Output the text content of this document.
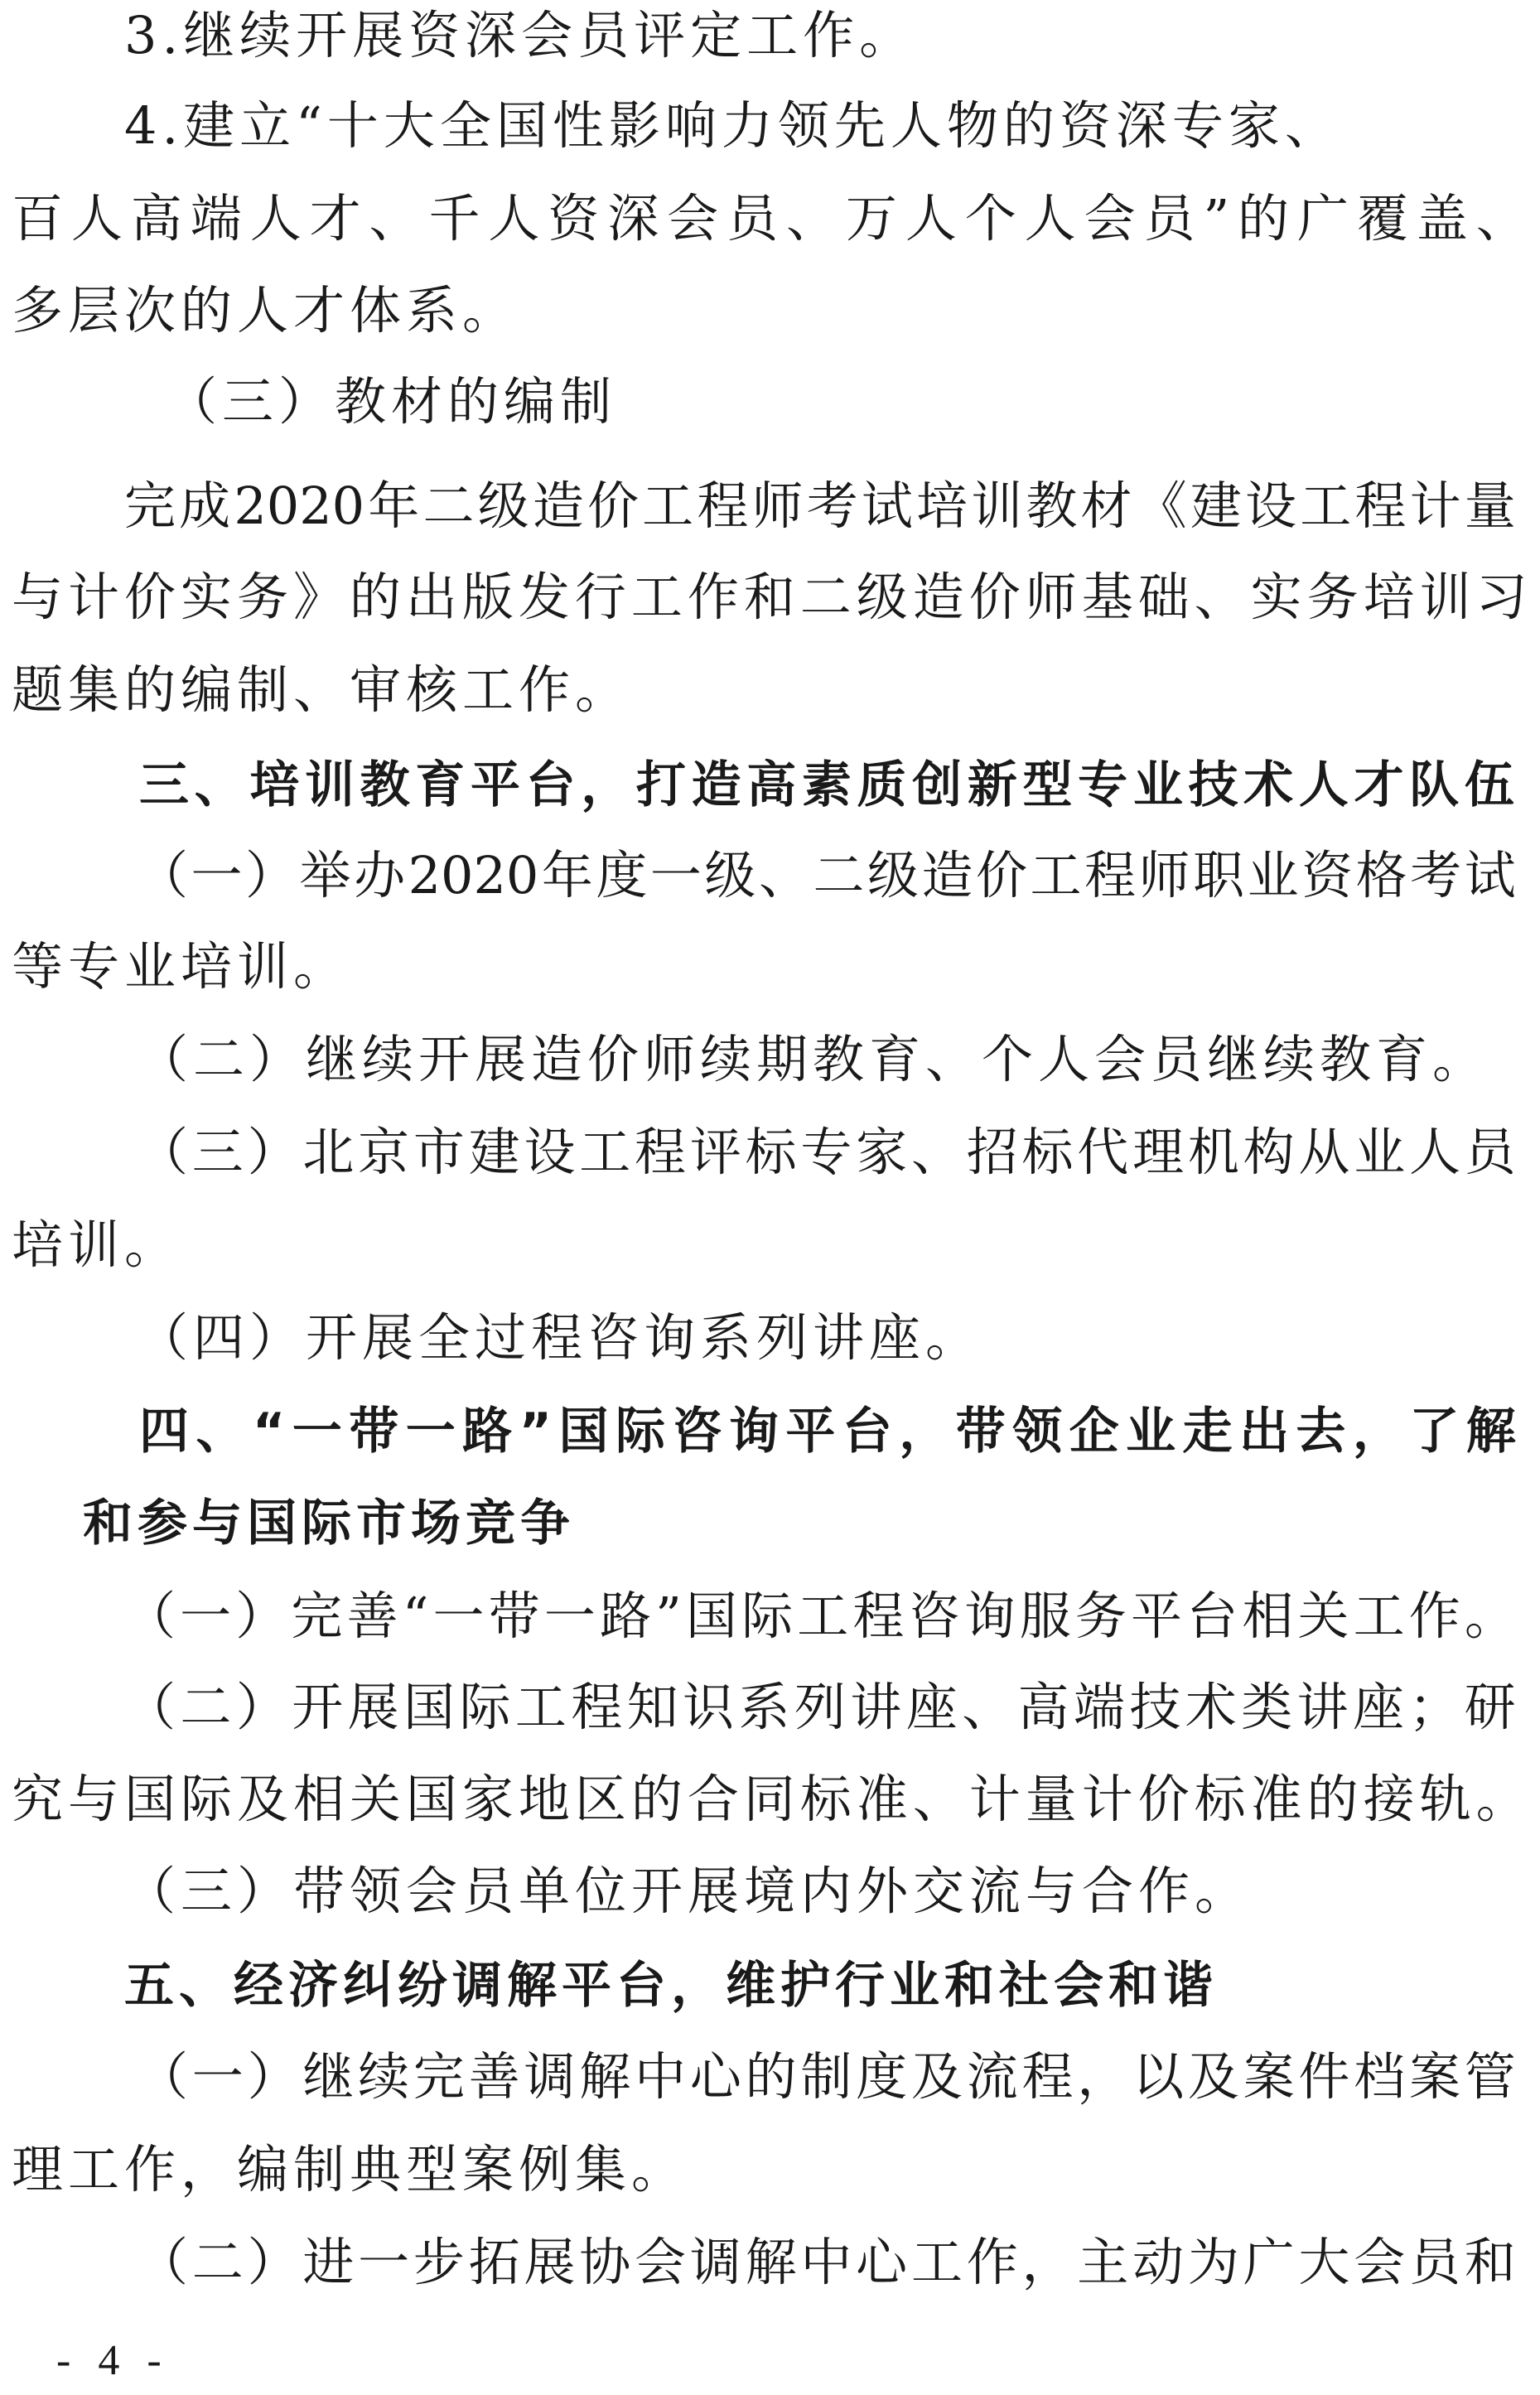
3.继续开展资深会员评定工作。
4.建立“十大全国性影响力领先人物的资深专家、
百 人 高 端 人 才 、 千 人 资 深 会 员 、 万 人 个 人 会 员 ” 的 广 覆 盖 、
多层次的人才体系。
（三）教材的编制
完 成 2020 年 二 级 造 价 工 程 师 考 试 培 训 教 材 《 建 设 工 程 计 量
与 计 价 实 务 》 的 出 版 发 行 工 作 和 二 级 造 价 师 基 础 、 实 务 培 训 习
题集的编制、审核工作。
三 、 培 训 教 育 平 台 ， 打 造 高 素 质 创 新 型 专 业 技 术 人 才 队 伍
（ 一 ） 举 办 2020 年 度 一 级 、 二 级 造 价 工 程 师 职 业 资 格 考 试
等专业培训。
（二）继续开展造价师续期教育、个人会员继续教育。
（ 三 ） 北 京 市 建 设 工 程 评 标 专 家 、 招 标 代 理 机 构 从 业 人 员
培训。
（四）开展全过程咨询系列讲座。
四 、 “ 一 带 一 路 ” 国 际 咨 询 平 台 ， 带 领 企 业 走 出 去 ， 了 解
和参与国际市场竞争
（ 一 ） 完 善 “ 一 带 一 路 ” 国 际 工 程 咨 询 服 务 平 台 相 关 工 作 。
（ 二 ） 开 展 国 际 工 程 知 识 系 列 讲 座 、 高 端 技 术 类 讲 座 ； 研
究 与 国 际 及 相 关 国 家 地 区 的 合 同 标 准 、 计 量 计 价 标 准 的 接 轨 。
（三）带领会员单位开展境内外交流与合作。
五、经济纠纷调解平台，维护行业和社会和谐
（ 一 ） 继 续 完 善 调 解 中 心 的 制 度 及 流 程 ， 以 及 案 件 档 案 管
理工作，编制典型案例集。
（ 二 ） 进 一 步 拓 展 协 会 调 解 中 心 工 作 ， 主 动 为 广 大 会 员 和
- 4 -
